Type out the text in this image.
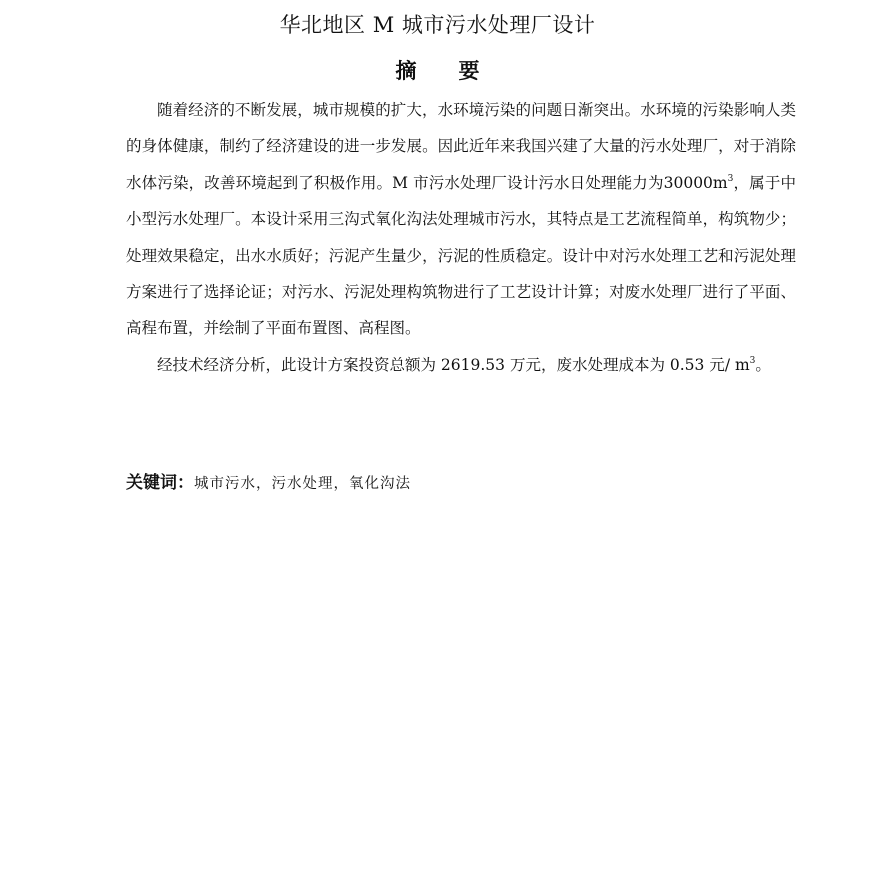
华北地区 M 城市污水处理厂设计
摘 要

随着经济的不断发展，城市规模的扩大，水环境污染的问题日渐突出。水环境的污染影响人类的身体健康，制约了经济建设的进一步发展。因此近年来我国兴建了大量的污水处理厂，对于消除水体污染，改善环境起到了积极作用。M 市污水处理厂设计污水日处理能力为$30000m^3$，属于中小型污水处理厂。本设计采用三沟式氧化沟法处理城市污水，其特点是工艺流程简单，构筑物少；处理效果稳定，出水水质好；污泥产生量少，污泥的性质稳定。设计中对污水处理工艺和污泥处理方案进行了选择论证；对污水、污泥处理构筑物进行了工艺设计计算；对废水处理厂进行了平面、高程布置，并绘制了平面布置图、高程图。

经技术经济分析，此设计方案投资总额为 2619.53 万元，废水处理成本为 0.53 元/ $m^3$。

关键词：城市污水，污水处理，氧化沟法
